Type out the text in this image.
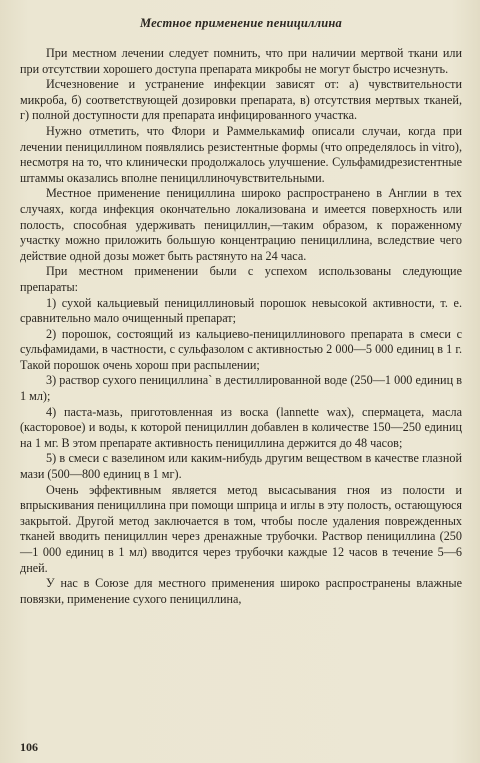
Местное применение пенициллина

При местном лечении следует помнить, что при наличии мертвой ткани или при отсутствии хорошего доступа препарата микробы не могут быстро исчезнуть.

Исчезновение и устранение инфекции зависят от: а) чувствительности микроба, б) соответствующей дозировки препарата, в) отсутствия мертвых тканей, г) полной доступности для препарата инфицированного участка.

Нужно отметить, что Флори и Раммелькамиф описали случаи, когда при лечении пенициллином появлялись резистентные формы (что определялось in vitro), несмотря на то, что клинически продолжалось улучшение. Сульфамидрезистентные штаммы оказались вполне пенициллиночувствительными.

Местное применение пенициллина широко распространено в Англии в тех случаях, когда инфекция окончательно локализована и имеется поверхность или полость, способная удерживать пенициллин,—таким образом, к пораженному участку можно приложить большую концентрацию пенициллина, вследствие чего действие одной дозы может быть растянуто на 24 часа.

При местном применении были с успехом использованы следующие препараты:

1) сухой кальциевый пенициллиновый порошок невысокой активности, т. е. сравнительно мало очищенный препарат;

2) порошок, состоящий из кальциево-пенициллинового препарата в смеси с сульфамидами, в частности, с сульфазолом с активностью 2 000—5 000 единиц в 1 г. Такой порошок очень хорош при распылении;

3) раствор сухого пенициллина` в дестиллированной воде (250—1 000 единиц в 1 мл);

4) паста-мазь, приготовленная из воска (lannette wax), спермацета, масла (касторовое) и воды, к которой пенициллин добавлен в количестве 150—250 единиц на 1 мг. В этом препарате активность пенициллина держится до 48 часов;

5) в смеси с вазелином или каким-нибудь другим веществом в качестве глазной мази (500—800 единиц в 1 мг).

Очень эффективным является метод высасывания гноя из полости и впрыскивания пенициллина при помощи шприца и иглы в эту полость, остающуюся закрытой. Другой метод заключается в том, чтобы после удаления поврежденных тканей вводить пенициллин через дренажные трубочки. Раствор пенициллина (250—1 000 единиц в 1 мл) вводится через трубочки каждые 12 часов в течение 5—6 дней.

У нас в Союзе для местного применения широко распространены влажные повязки, применение сухого пенициллина,

106
